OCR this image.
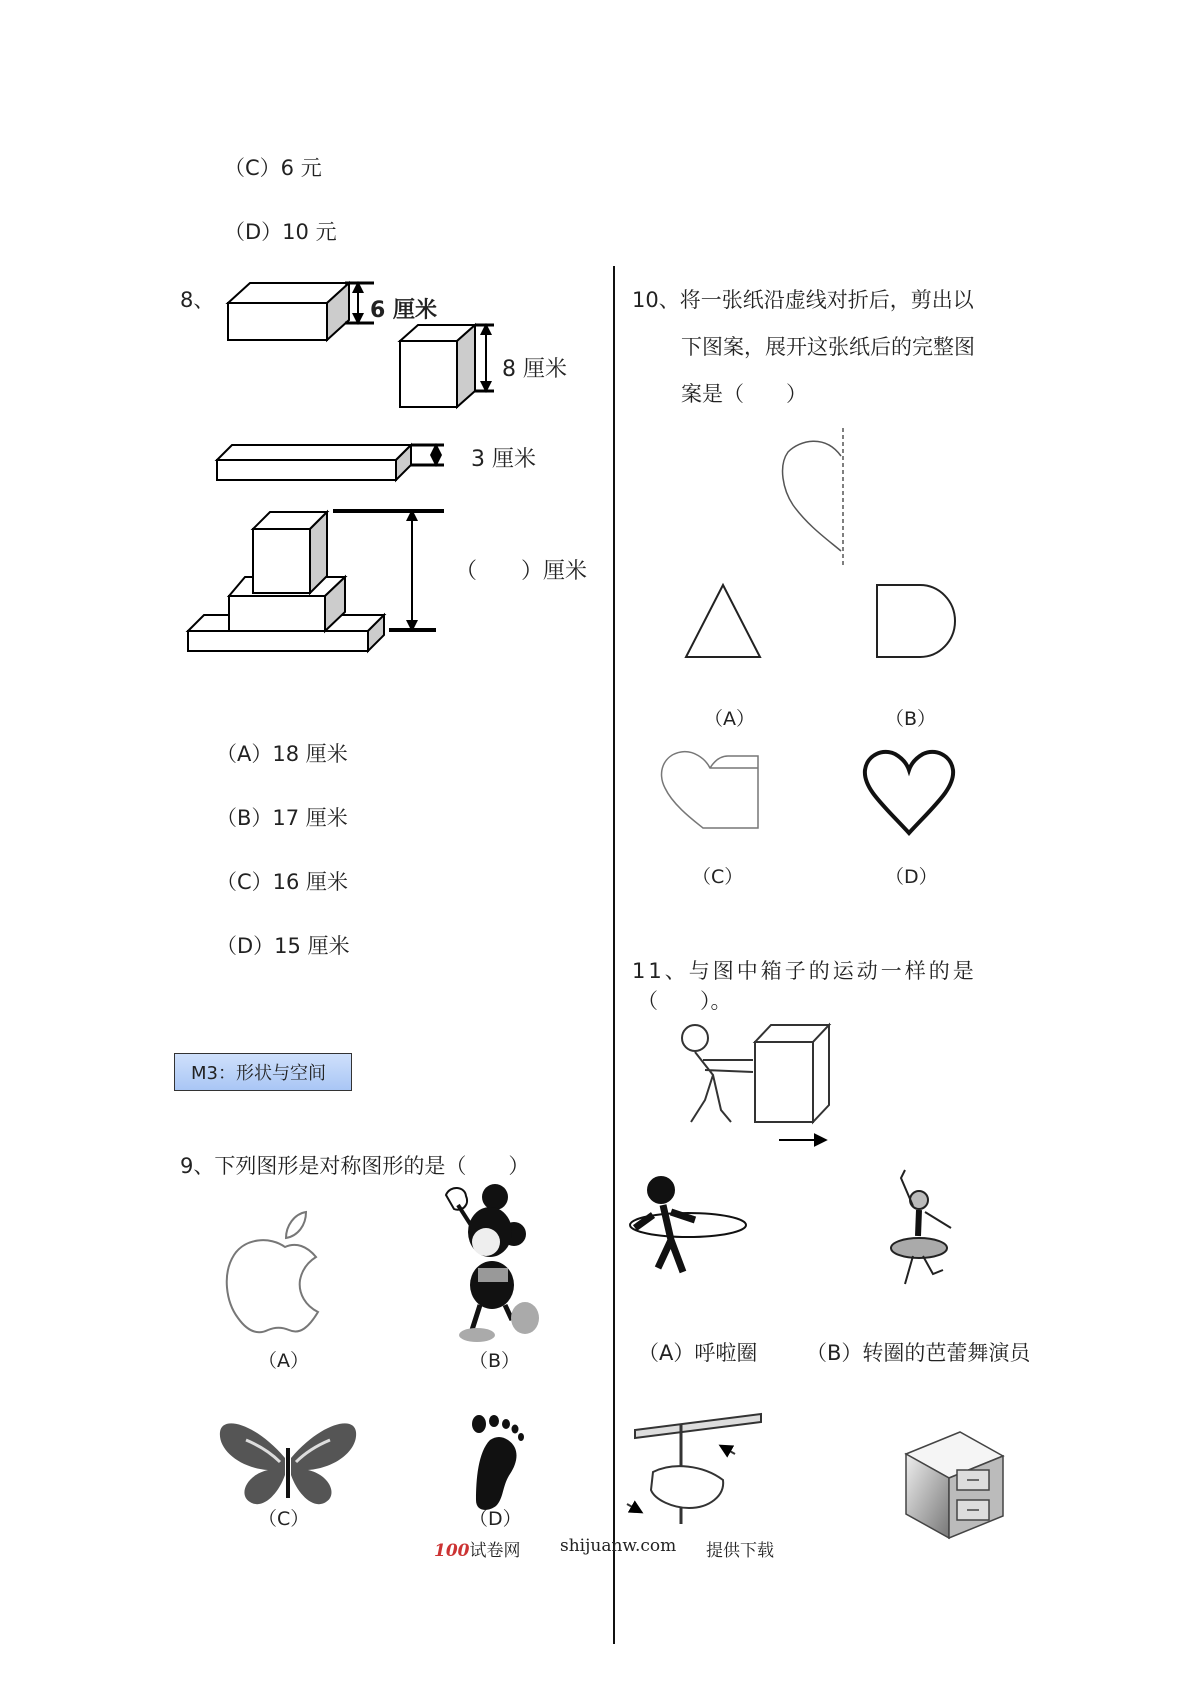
（C）6 元
（D）10 元
8、	6 厘米
8 厘米
3 厘米
（　　）厘米
（A）18 厘米
（B）17 厘米
（C）16 厘米
（D）15 厘米
M3：形状与空间
9、下列图形是对称图形的是（　　）
（A）	（B）
（C）	（D）
10、将一张纸沿虚线对折后，剪出以
下图案，展开这张纸后的完整图
案是（　　）
（A）	（B）
（C）	（D）
11、与图中箱子的运动一样的是
（　　）。
（A）呼啦圈 （B）转圈的芭蕾舞演员
100试卷网 shijuanw.com 提供下载
